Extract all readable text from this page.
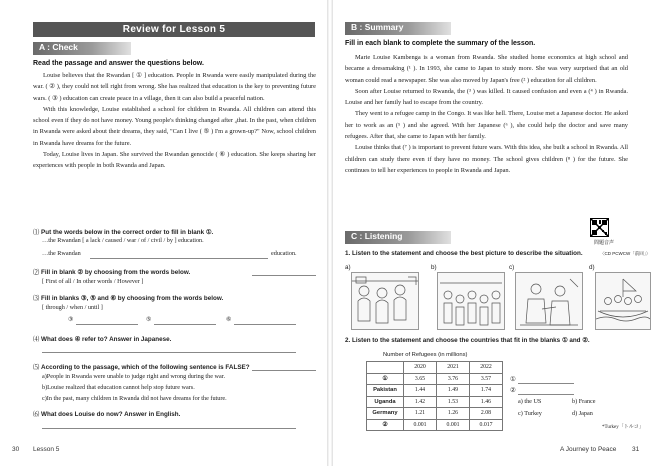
Review for Lesson 5
A : Check
Read the passage and answer the questions below.

Louise believes that the Rwandan [ ① ] education. People in Rwanda were easily manipulated during the war. ( ② ), they could not tell right from wrong. She has realized that education is the key to preventing future wars. ( ③ ) education can create peace in a village, then it can also build a peaceful nation.

With this knowledge, Louise established a school for children in Rwanda. All children can attend this school even if they do not have money. Young people's thinking changed after ₄that. In the past, when children in Rwanda were asked about their dreams, they said, "Can I live ( ⑤ ) I'm a grown-up?" Now, school children in Rwanda have dreams for the future.

Today, Louise lives in Japan. She survived the Rwandan genocide ( ⑥ ) education. She keeps sharing her experiences with people in both Rwanda and Japan.

⑴ Put the words below in the correct order to fill in blank ①.
…the Rwandan [ a lack / caused / war / of / civil / by ] education.
…the Rwandan	education.
⑵ Fill in blank ② by choosing from the words below.
[ First of all / In other words / However ]
⑶ Fill in blanks ③, ⑤ and ⑥ by choosing from the words below.
[ through / when / until ]
③	⑤	⑥
⑷ What does ④ refer to? Answer in Japanese.
⑸ According to the passage, which of the following sentence is FALSE?
a)People in Rwanda were unable to judge right and wrong during the war.
b)Louise realized that education cannot help stop future wars.
c)In the past, many children in Rwanda did not have dreams for the future.
⑹ What does Louise do now? Answer in English.
30 Lesson 5
B : Summary
Fill in each blank to complete the summary of the lesson.

Marie Louise Kambenga is a woman from Rwanda. She studied home economics at high school and became a dressmaking (¹ ). In 1993, she came to Japan to study more. She was very surprised that an old woman could read a newspaper. She was also moved by Japan's free (² ) education for all children.

Soon after Louise returned to Rwanda, the (³ ) was killed. It caused confusion and even a (⁴ ) in Rwanda. Louise and her family had to escape from the country.

They went to a refugee camp in the Congo. It was like hell. There, Louise met a Japanese doctor. He asked her to work as an (⁵ ) and she agreed. With her Japanese (⁶ ), she could help the doctor and save many refugees. After that, she came to Japan with her family.

Louise thinks that (⁷ ) is important to prevent future wars. With this idea, she built a school in Rwanda. All children can study there even if they have no money. The school gives children (⁸ ) for the future. She continues to tell her experiences to people in Rwanda and Japan.

問題音声
C : Listening
1. Listen to the statement and choose the best picture to describe the situation.	〈CD PCWCW「前回」〉
a)	b)	c)	d)
2. Listen to the statement and choose the countries that fit in the blanks ① and ②.
Number of Refugees (in millions)
	2020	2021	2022
①	3.65	3.76	3.57
Pakistan	1.44	1.49	1.74
Uganda	1.42	1.53	1.46
Germany	1.21	1.26	2.08
②	0.001	0.001	0.017
①
②
a) the US	b) France
c) Turkey	d) Japan
*Turkey「トルコ」
A Journey to Peace 31
